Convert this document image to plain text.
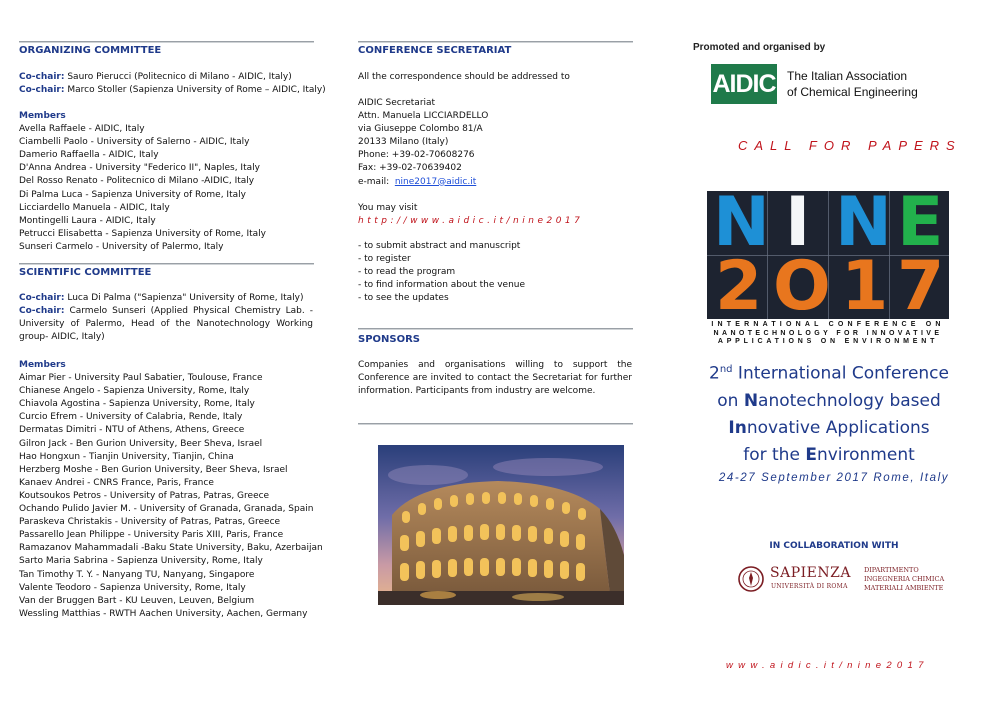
ORGANIZING COMMITTEE
Co-chair: Sauro Pierucci (Politecnico di Milano - AIDIC, Italy)
Co-chair: Marco Stoller (Sapienza University of Rome – AIDIC, Italy)
Members
Avella Raffaele - AIDIC, Italy
Ciambelli Paolo - University of Salerno - AIDIC, Italy
Damerio Raffaella - AIDIC, Italy
D'Anna Andrea - University "Federico II", Naples, Italy
Del Rosso Renato - Politecnico di Milano -AIDIC, Italy
Di Palma Luca - Sapienza University of Rome, Italy
Licciardello Manuela - AIDIC, Italy
Montingelli Laura - AIDIC, Italy
Petrucci Elisabetta - Sapienza University of Rome, Italy
Sunseri Carmelo - University of Palermo, Italy
SCIENTIFIC COMMITTEE
Co-chair: Luca Di Palma ("Sapienza" University of Rome, Italy)
Co-chair: Carmelo Sunseri (Applied Physical Chemistry Lab. - University of Palermo, Head of the Nanotechnology Working group- AIDIC, Italy)
Members
Aimar Pier - University Paul Sabatier, Toulouse, France
Chianese Angelo - Sapienza University, Rome, Italy
Chiavola Agostina - Sapienza University, Rome, Italy
Curcio Efrem - University of Calabria, Rende, Italy
Dermatas Dimitri - NTU of Athens, Athens, Greece
Gilron Jack - Ben Gurion University, Beer Sheva, Israel
Hao Hongxun - Tianjin University, Tianjin, China
Herzberg Moshe - Ben Gurion University, Beer Sheva, Israel
Kanaev Andrei - CNRS France, Paris, France
Koutsoukos Petros - University of Patras, Patras, Greece
Ochando Pulido Javier M. - University of Granada, Granada, Spain
Paraskeva Christakis - University of Patras, Patras, Greece
Passarello Jean Philippe - University Paris XIII, Paris, France
Ramazanov Mahammadali -Baku State University, Baku, Azerbaijan
Sarto Maria Sabrina - Sapienza University, Rome, Italy
Tan Timothy T. Y. - Nanyang TU, Nanyang, Singapore
Valente Teodoro - Sapienza University, Rome, Italy
Van der Bruggen Bart - KU Leuven, Leuven, Belgium
Wessling Matthias - RWTH Aachen University, Aachen, Germany
CONFERENCE SECRETARIAT
All the correspondence should be addressed to
AIDIC Secretariat
Attn. Manuela LICCIARDELLO
via Giuseppe Colombo 81/A
20133 Milano (Italy)
Phone: +39-02-70608276
Fax: +39-02-70639402
e-mail: nine2017@aidic.it
You may visit
http://www.aidic.it/nine2017
- to submit abstract and manuscript
- to register
- to read the program
- to find information about the venue
- to see the updates
SPONSORS
Companies and organisations willing to support the Conference are invited to contact the Secretariat for further information. Participants from industry are welcome.
Promoted and organised by
AIDIC The Italian Association
of Chemical Engineering
CALL FOR PAPERS
N I N E
2 O 1 7
INTERNATIONAL CONFERENCE ON
NANOTECHNOLOGY FOR INNOVATIVE
APPLICATIONS ON ENVIRONMENT
2nd International Conference
on Nanotechnology based
Innovative Applications
for the Environment
24-27 September 2017 Rome, Italy
IN COLLABORATION WITH
SAPIENZA
UNIVERSITÀ DI ROMA
DIPARTIMENTO
INGEGNERIA CHIMICA
MATERIALI AMBIENTE
www.aidic.it/nine2017
